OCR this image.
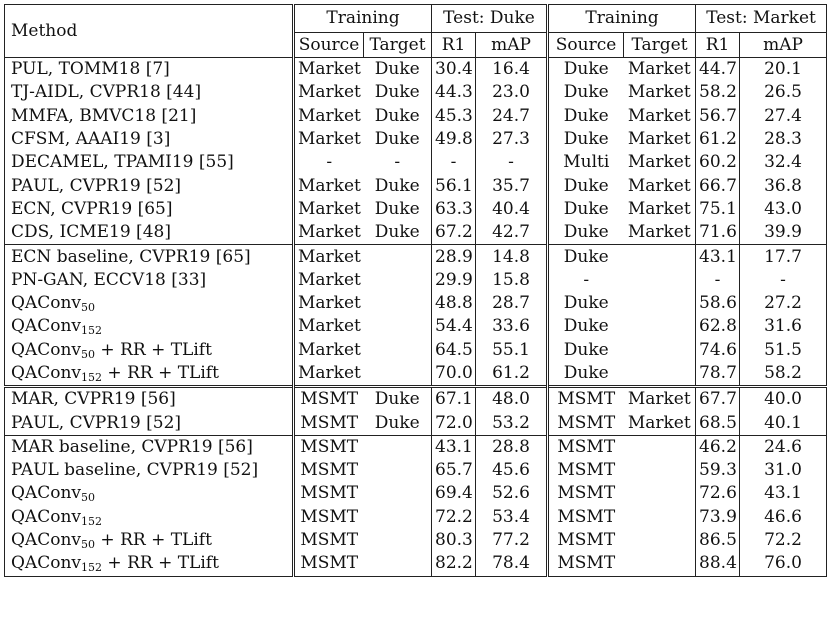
Method	Training		Test: Duke		Training		Test: Market	
	Source	Target	R1	mAP	Source	Target	R1	mAP
PUL, TOMM18 [7]	Market	Duke	30.4	16.4	Duke	Market	44.7	20.1
TJ-AIDL, CVPR18 [44]	Market	Duke	44.3	23.0	Duke	Market	58.2	26.5
MMFA, BMVC18 [21]	Market	Duke	45.3	24.7	Duke	Market	56.7	27.4
CFSM, AAAI19 [3]	Market	Duke	49.8	27.3	Duke	Market	61.2	28.3
DECAMEL, TPAMI19 [55]	-	-	-	-	Multi	Market	60.2	32.4
PAUL, CVPR19 [52]	Market	Duke	56.1	35.7	Duke	Market	66.7	36.8
ECN, CVPR19 [65]	Market	Duke	63.3	40.4	Duke	Market	75.1	43.0
CDS, ICME19 [48]	Market	Duke	67.2	42.7	Duke	Market	71.6	39.9
ECN baseline, CVPR19 [65]	Market		28.9	14.8	Duke		43.1	17.7
PN-GAN, ECCV18 [33]	Market		29.9	15.8	-		-	-
QAConv$_{50}$	Market		48.8	28.7	Duke		58.6	27.2
QAConv$_{152}$	Market		54.4	33.6	Duke		62.8	31.6
QAConv$_{50}$ + RR + TLift	Market		64.5	55.1	Duke		74.6	51.5
QAConv$_{152}$ + RR + TLift	Market		70.0	61.2	Duke		78.7	58.2
MAR, CVPR19 [56]	MSMT	Duke	67.1	48.0	MSMT	Market	67.7	40.0
PAUL, CVPR19 [52]	MSMT	Duke	72.0	53.2	MSMT	Market	68.5	40.1
MAR baseline, CVPR19 [56]	MSMT		43.1	28.8	MSMT		46.2	24.6
PAUL baseline, CVPR19 [52]	MSMT		65.7	45.6	MSMT		59.3	31.0
QAConv$_{50}$	MSMT		69.4	52.6	MSMT		72.6	43.1
QAConv$_{152}$	MSMT		72.2	53.4	MSMT		73.9	46.6
QAConv$_{50}$ + RR + TLift	MSMT		80.3	77.2	MSMT		86.5	72.2
QAConv$_{152}$ + RR + TLift	MSMT		82.2	78.4	MSMT		88.4	76.0
